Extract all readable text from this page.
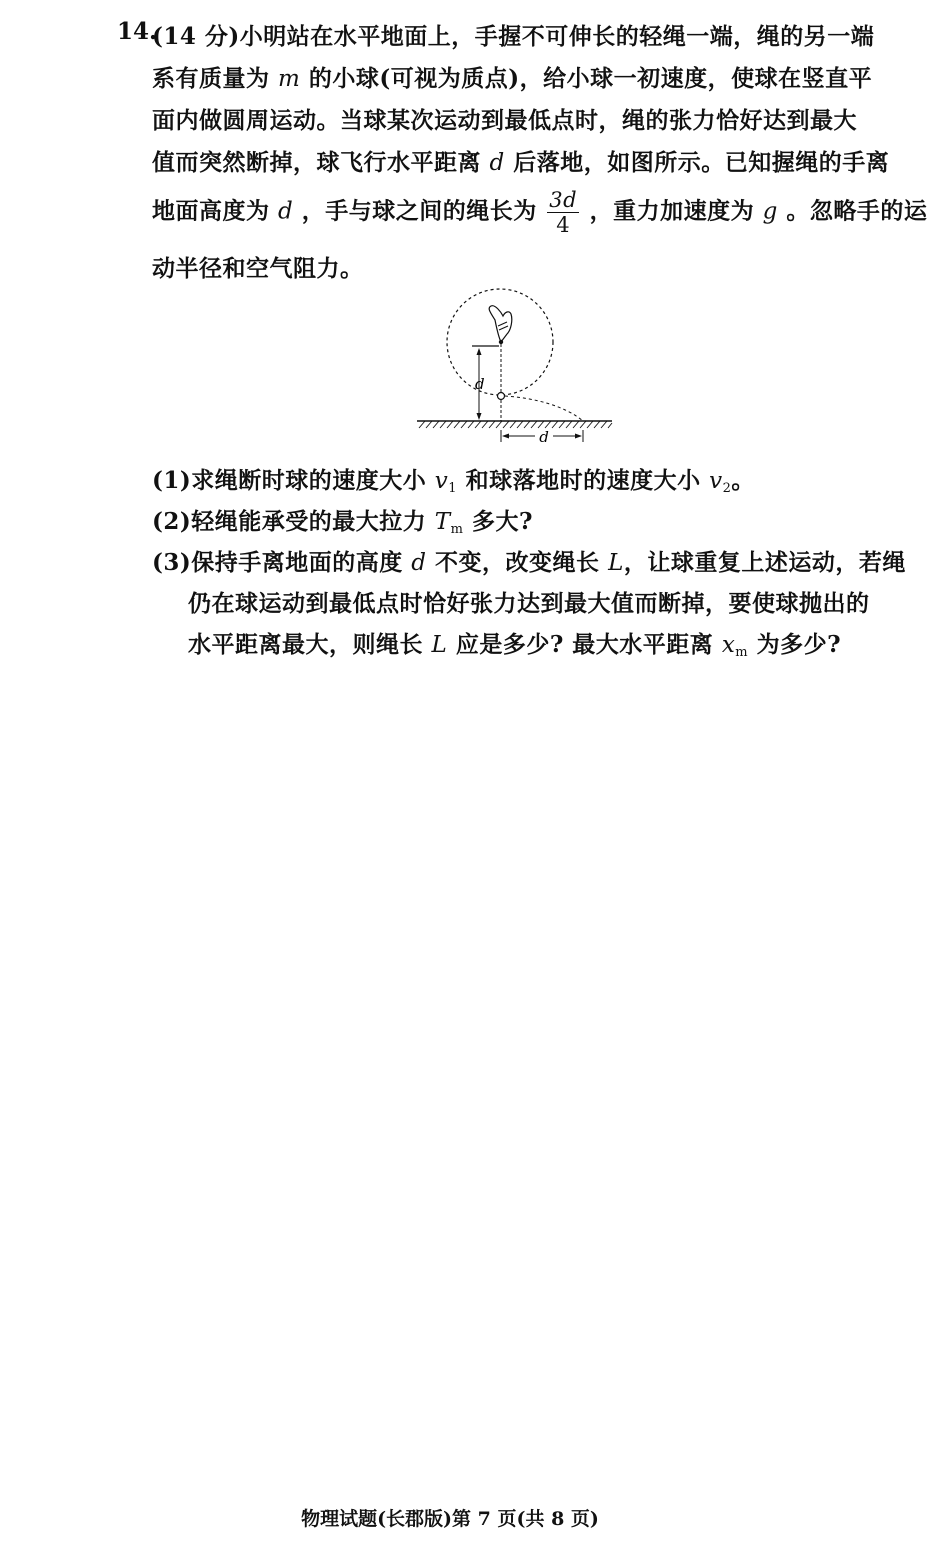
14.
(14 分)小明站在水平地面上，手握不可伸长的轻绳一端，绳的另一端
系有质量为 m 的小球(可视为质点)，给小球一初速度，使球在竖直平
面内做圆周运动。当球某次运动到最低点时，绳的张力恰好达到最大
值而突然断掉，球飞行水平距离 d 后落地，如图所示。已知握绳的手离
地面高度为 d ，手与球之间的绳长为 $\frac{3d}{4}$ ，重力加速度为 g 。忽略手的运
动半径和空气阻力。
d
d
(1)求绳断时球的速度大小 $v_1$ 和球落地时的速度大小 $v_2$。
(2)轻绳能承受的最大拉力 $T_m$ 多大?
(3)保持手离地面的高度 d 不变，改变绳长 L，让球重复上述运动，若绳
仍在球运动到最低点时恰好张力达到最大值而断掉，要使球抛出的
水平距离最大，则绳长 L 应是多少? 最大水平距离 $x_m$ 为多少?
物理试题(长郡版)第 7 页(共 8 页)
